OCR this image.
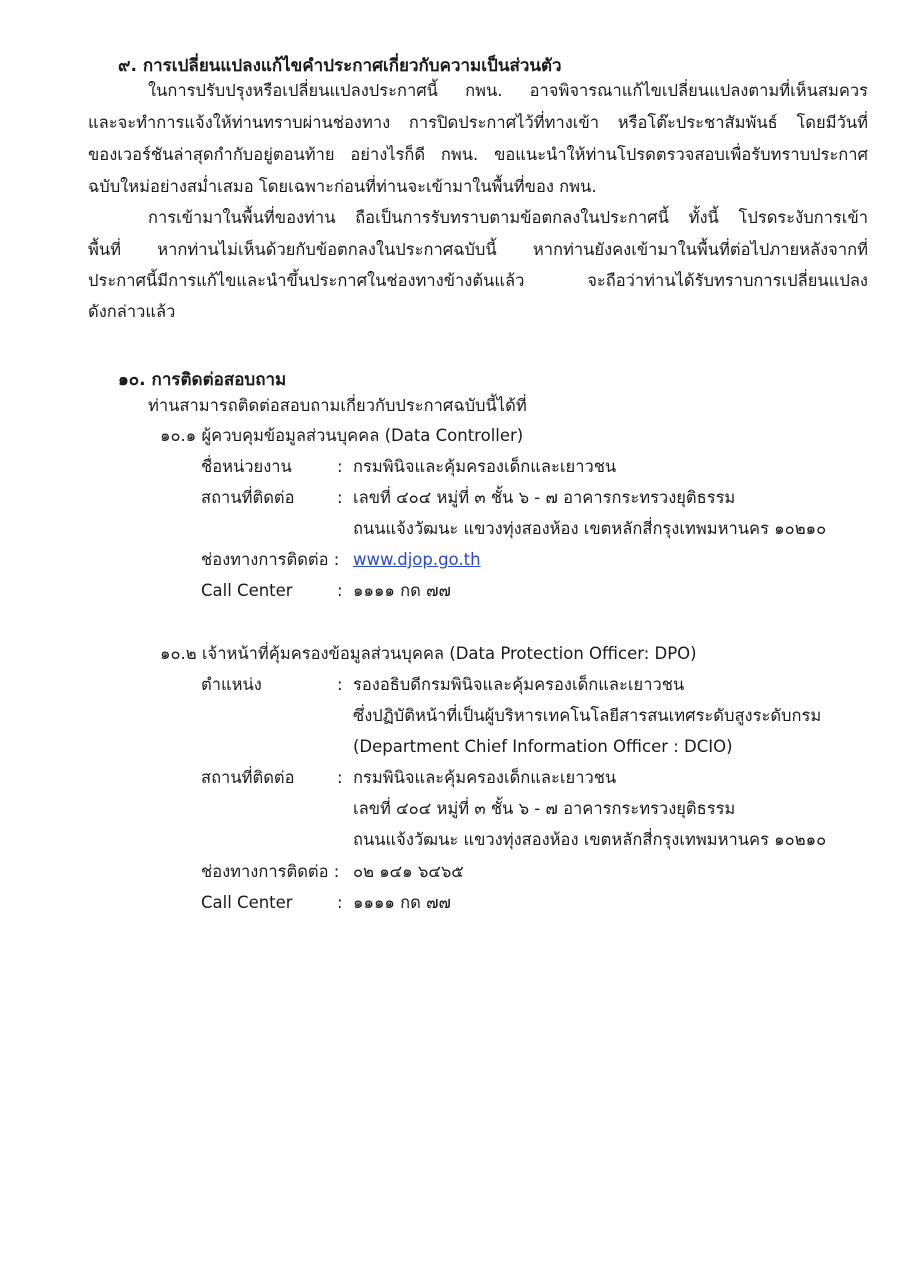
๙. การเปลี่ยนแปลงแก้ไขคำประกาศเกี่ยวกับความเป็นส่วนตัว
ในการปรับปรุงหรือเปลี่ยนแปลงประกาศนี้ กพน. อาจพิจารณาแก้ไขเปลี่ยนแปลงตามที่เห็นสมควร
และจะทำการแจ้งให้ท่านทราบผ่านช่องทาง การปิดประกาศไว้ที่ทางเข้า หรือโต๊ะประชาสัมพันธ์ โดยมีวันที่
ของเวอร์ชันล่าสุดกำกับอยู่ตอนท้าย อย่างไรก็ดี กพน. ขอแนะนำให้ท่านโปรดตรวจสอบเพื่อรับทราบประกาศ
ฉบับใหม่อย่างสม่ำเสมอ โดยเฉพาะก่อนที่ท่านจะเข้ามาในพื้นที่ของ กพน.
การเข้ามาในพื้นที่ของท่าน ถือเป็นการรับทราบตามข้อตกลงในประกาศนี้ ทั้งนี้ โปรดระงับการเข้า
พื้นที่ หากท่านไม่เห็นด้วยกับข้อตกลงในประกาศฉบับนี้ หากท่านยังคงเข้ามาในพื้นที่ต่อไปภายหลังจากที่
ประกาศนี้มีการแก้ไขและนำขึ้นประกาศในช่องทางข้างต้นแล้ว จะถือว่าท่านได้รับทราบการเปลี่ยนแปลง
ดังกล่าวแล้ว
๑๐. การติดต่อสอบถาม
ท่านสามารถติดต่อสอบถามเกี่ยวกับประกาศฉบับนี้ได้ที่
๑๐.๑ ผู้ควบคุมข้อมูลส่วนบุคคล (Data Controller)
ชื่อหน่วยงาน	: กรมพินิจและคุ้มครองเด็กและเยาวชน
สถานที่ติดต่อ	: เลขที่ ๔๐๔ หมู่ที่ ๓ ชั้น ๖ - ๗ อาคารกระทรวงยุติธรรม
ถนนแจ้งวัฒนะ แขวงทุ่งสองห้อง เขตหลักสี่กรุงเทพมหานคร ๑๐๒๑๐
ช่องทางการติดต่อ : www.djop.go.th
Call Center	: ๑๑๑๑ กด ๗๗
๑๐.๒ เจ้าหน้าที่คุ้มครองข้อมูลส่วนบุคคล (Data Protection Officer: DPO)
ตำแหน่ง	: รองอธิบดีกรมพินิจและคุ้มครองเด็กและเยาวชน
ซึ่งปฏิบัติหน้าที่เป็นผู้บริหารเทคโนโลยีสารสนเทศระดับสูงระดับกรม
(Department Chief Information Officer : DCIO)
สถานที่ติดต่อ	: กรมพินิจและคุ้มครองเด็กและเยาวชน
เลขที่ ๔๐๔ หมู่ที่ ๓ ชั้น ๖ - ๗ อาคารกระทรวงยุติธรรม
ถนนแจ้งวัฒนะ แขวงทุ่งสองห้อง เขตหลักสี่กรุงเทพมหานคร ๑๐๒๑๐
ช่องทางการติดต่อ : ๐๒ ๑๔๑ ๖๔๖๕
Call Center	: ๑๑๑๑ กด ๗๗
